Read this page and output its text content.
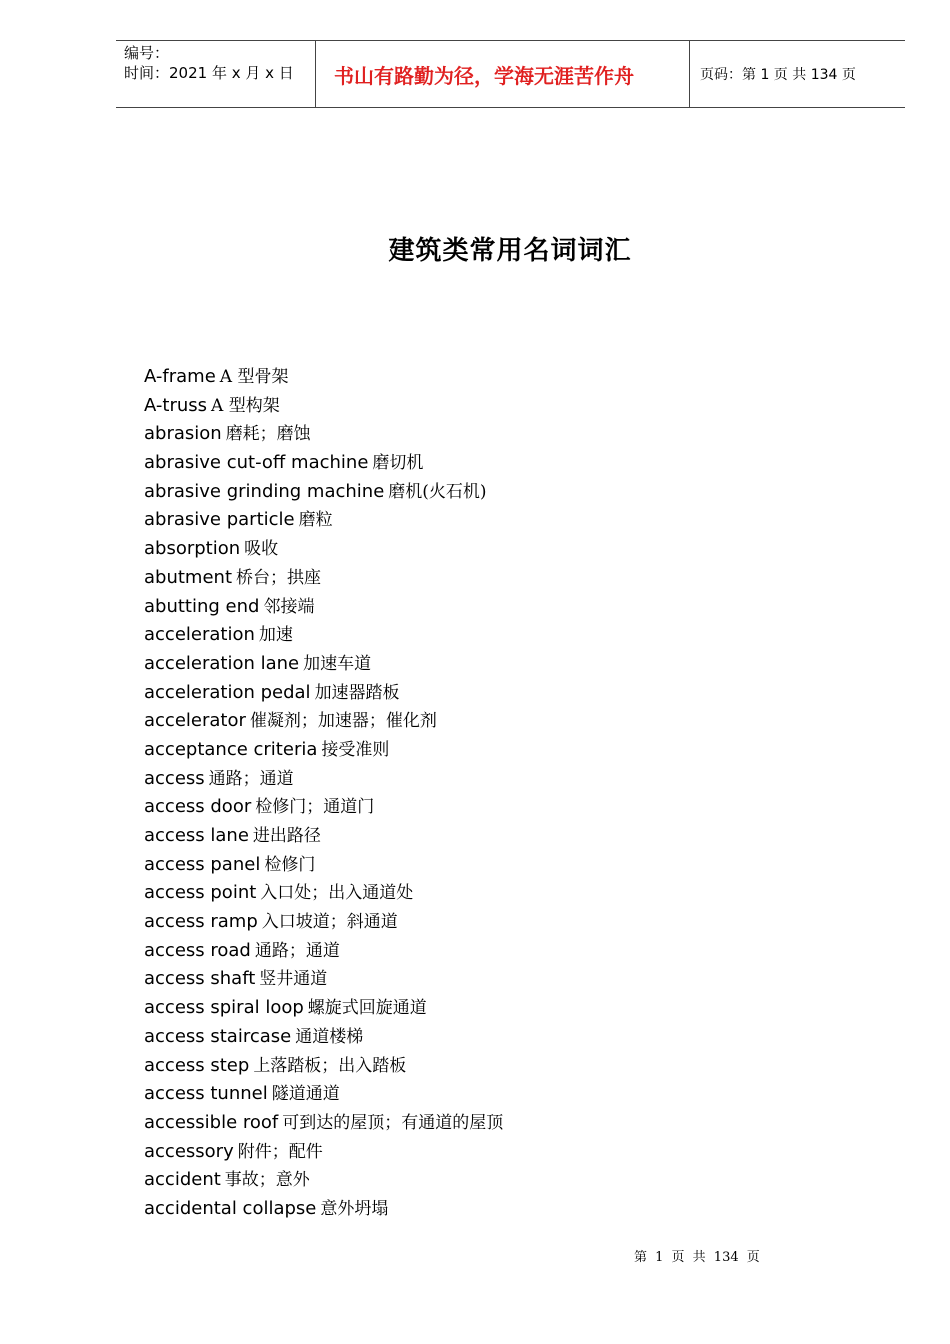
编号：
时间：2021 年 x 月 x 日	书山有路勤为径，学海无涯苦作舟	页码：第 1 页 共 134 页
建筑类常用名词词汇
A-frame A 型骨架
A-truss A 型构架
abrasion 磨耗；磨蚀
abrasive cut-off machine 磨切机
abrasive grinding machine 磨机(火石机)
abrasive particle 磨粒
absorption 吸收
abutment 桥台；拱座
abutting end 邻接端
acceleration 加速
acceleration lane 加速车道
acceleration pedal 加速器踏板
accelerator 催凝剂；加速器；催化剂
acceptance criteria 接受准则
access 通路；通道
access door 检修门；通道门
access lane 进出路径
access panel 检修门
access point 入口处；出入通道处
access ramp 入口坡道；斜通道
access road 通路；通道
access shaft 竖井通道
access spiral loop 螺旋式回旋通道
access staircase 通道楼梯
access step 上落踏板；出入踏板
access tunnel 隧道通道
accessible roof 可到达的屋顶；有通道的屋顶
accessory 附件；配件
accident 事故；意外
accidental collapse 意外坍塌
第 1 页 共 134 页
